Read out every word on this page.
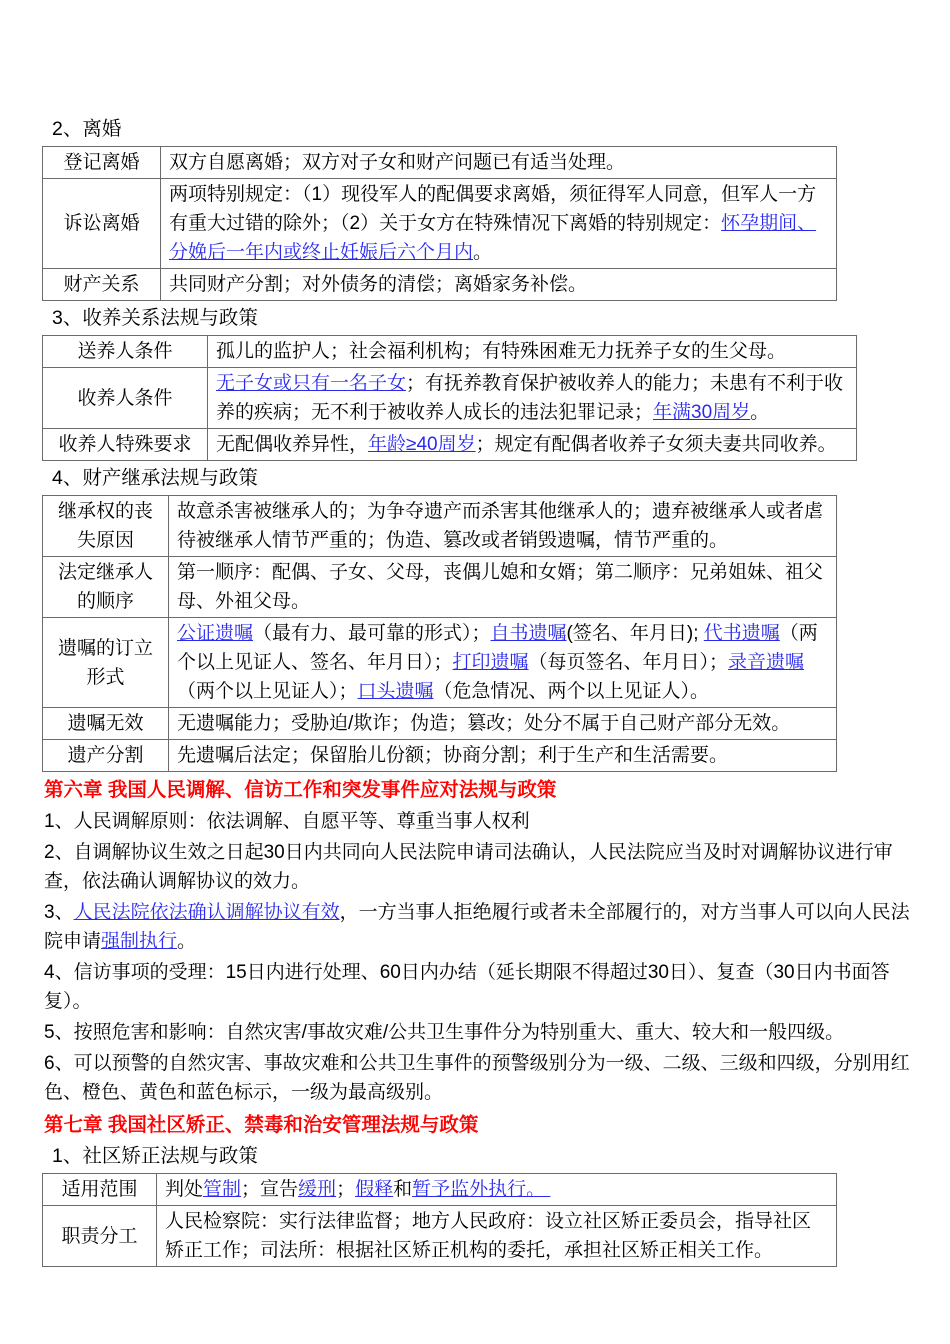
2、离婚
登记离婚	双方自愿离婚；双方对子女和财产问题已有适当处理。
诉讼离婚	两项特别规定：（1）现役军人的配偶要求离婚，须征得军人同意，但军人一方有重大过错的除外；（2）关于女方在特殊情况下离婚的特别规定：怀孕期间、分娩后一年内或终止妊娠后六个月内。
财产关系	共同财产分割；对外债务的清偿；离婚家务补偿。
3、收养关系法规与政策
送养人条件	孤儿的监护人；社会福利机构；有特殊困难无力抚养子女的生父母。
收养人条件	无子女或只有一名子女；有抚养教育保护被收养人的能力；未患有不利于收养的疾病；无不利于被收养人成长的违法犯罪记录；年满30周岁。
收养人特殊要求	无配偶收养异性，年龄≥40周岁；规定有配偶者收养子女须夫妻共同收养。
4、财产继承法规与政策
继承权的丧失原因	故意杀害被继承人的；为争夺遗产而杀害其他继承人的；遗弃被继承人或者虐待被继承人情节严重的；伪造、篡改或者销毁遗嘱，情节严重的。
法定继承人的顺序	第一顺序：配偶、子女、父母，丧偶儿媳和女婿；第二顺序：兄弟姐妹、祖父母、外祖父母。
遗嘱的订立形式	公证遗嘱（最有力、最可靠的形式）；自书遗嘱(签名、年月日); 代书遗嘱（两个以上见证人、签名、年月日）；打印遗嘱（每页签名、年月日）；录音遗嘱（两个以上见证人）；口头遗嘱（危急情况、两个以上见证人）。
遗嘱无效	无遗嘱能力；受胁迫/欺诈；伪造；篡改；处分不属于自己财产部分无效。
遗产分割	先遗嘱后法定；保留胎儿份额；协商分割；利于生产和生活需要。
第六章 我国人民调解、信访工作和突发事件应对法规与政策
1、人民调解原则：依法调解、自愿平等、尊重当事人权利
2、自调解协议生效之日起30日内共同向人民法院申请司法确认，人民法院应当及时对调解协议进行审查，依法确认调解协议的效力。
3、人民法院依法确认调解协议有效，一方当事人拒绝履行或者未全部履行的，对方当事人可以向人民法院申请强制执行。
4、信访事项的受理：15日内进行处理、60日内办结（延长期限不得超过30日）、复查（30日内书面答复）。
5、按照危害和影响：自然灾害/事故灾难/公共卫生事件分为特别重大、重大、较大和一般四级。
6、可以预警的自然灾害、事故灾难和公共卫生事件的预警级别分为一级、二级、三级和四级，分别用红色、橙色、黄色和蓝色标示，一级为最高级别。
第七章 我国社区矫正、禁毒和治安管理法规与政策
1、社区矫正法规与政策
适用范围	判处管制；宣告缓刑；假释和暂予监外执行。
职责分工	人民检察院：实行法律监督；地方人民政府：设立社区矫正委员会，指导社区矫正工作；司法所：根据社区矫正机构的委托，承担社区矫正相关工作。
